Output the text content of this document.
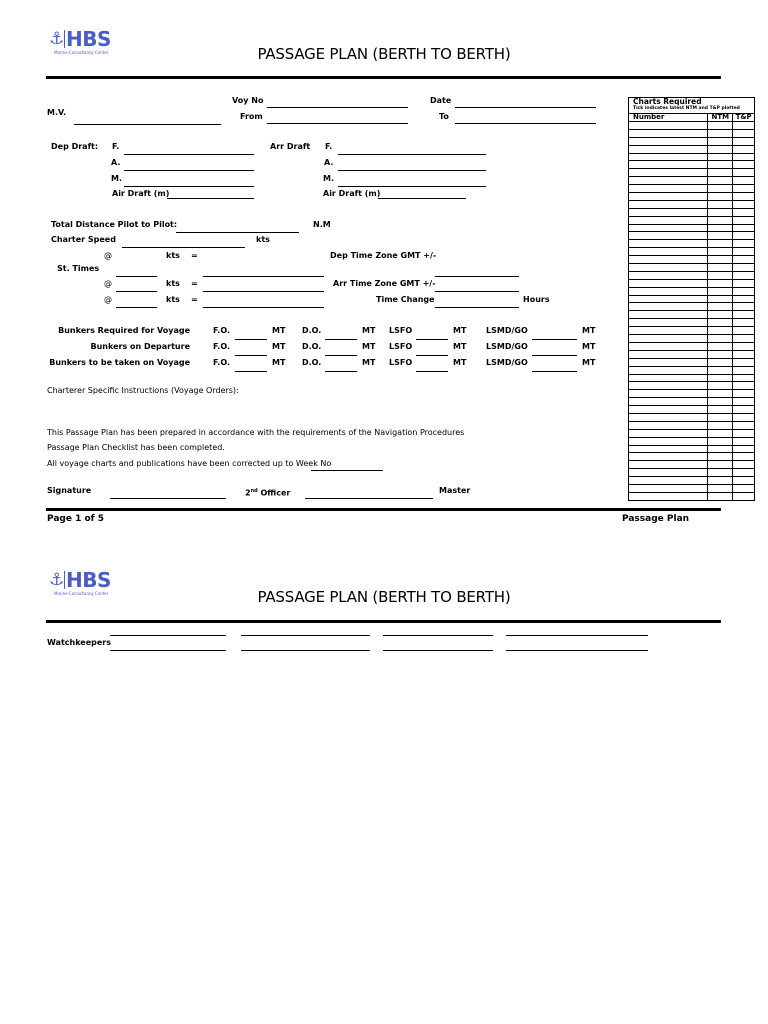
⚓ HBS
Marine Consultancy Center	PASSAGE PLAN (BERTH TO BERTH)
Voy No	Date
M.V.	From	To
Dep Draft: F.
A.
M.
Air Draft (m)
Arr Draft F.
A.
M.
Air Draft (m)
Total Distance Pilot to Pilot:	N.M
Charter Speed	kts
@	kts =	Dep Time Zone GMT +/-
St. Times
@	kts =	Arr Time Zone GMT +/-
@	kts =	Time Change	Hours
Bunkers Required for Voyage	F.O.	MT D.O.	MT LSFO	MT LSMD/GO	MT
Bunkers on Departure	F.O.	MT D.O.	MT LSFO	MT LSMD/GO	MT
Bunkers to be taken on Voyage	F.O.	MT D.O.	MT LSFO	MT LSMD/GO	MT
Charterer Specific Instructions (Voyage Orders):
This Passage Plan has been prepared in accordance with the requirements of the Navigation Procedures
Passage Plan Checklist has been completed.
All voyage charts and publications have been corrected up to Week No
Signature	2nd Officer	Master
Page 1 of 5	Passage Plan
Charts Required
Tick indicates latest NTM and T&P plotted		

Number	NTM	T&P

⚓ HBS
Marine Consultancy Center	PASSAGE PLAN (BERTH TO BERTH)
Watchkeepers
